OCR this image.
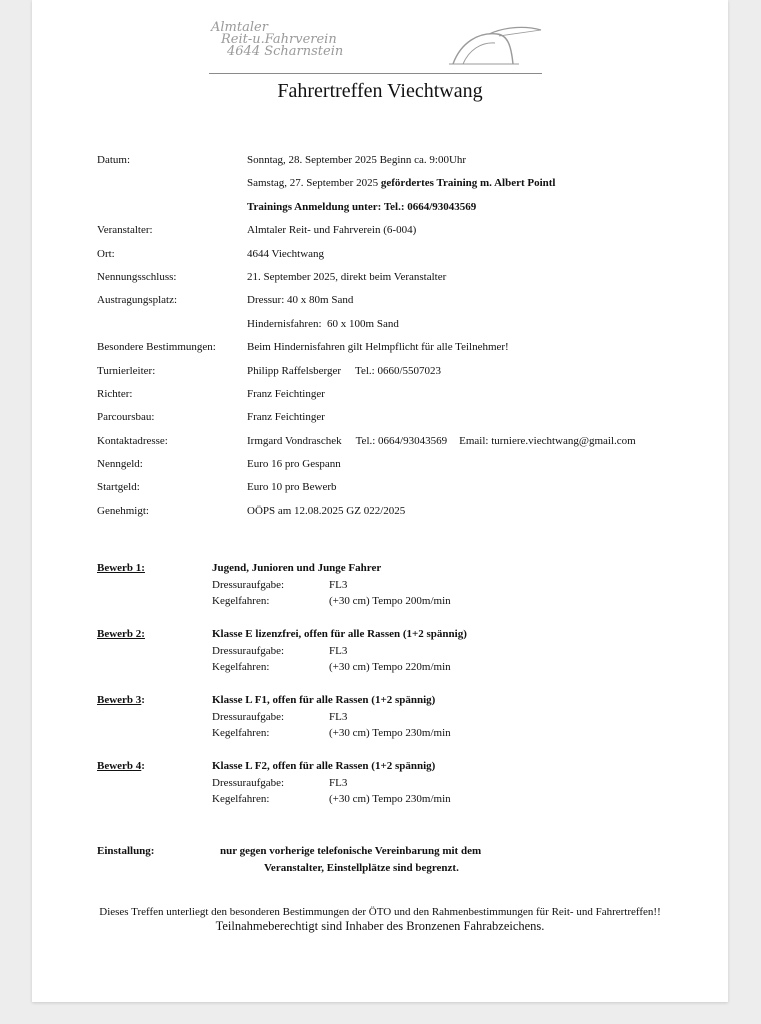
Almtaler
Reit-u.Fahrverein
4644 Scharnstein
Fahrertreffen Viechtwang
Datum:	Sonntag, 28. September 2025 Beginn ca. 9:00Uhr
Samstag, 27. September 2025 gefördertes Training m. Albert Pointl
Trainings Anmeldung unter: Tel.: 0664/93043569
Veranstalter:	Almtaler Reit- und Fahrverein (6-004)
Ort:	4644 Viechtwang
Nennungsschluss:	21. September 2025, direkt beim Veranstalter
Austragungsplatz:	Dressur: 40 x 80m Sand
Hindernisfahren:  60 x 100m Sand
Besondere Bestimmungen:	Beim Hindernisfahren gilt Helmpflicht für alle Teilnehmer!
Turnierleiter:	Philipp Raffelsberger Tel.: 0660/5507023
Richter:	Franz Feichtinger
Parcoursbau:	Franz Feichtinger
Kontaktadresse:	Irmgard Vondraschek Tel.: 0664/93043569 Email: turniere.viechtwang@gmail.com
Nenngeld:	Euro 16 pro Gespann
Startgeld:	Euro 10 pro Bewerb
Genehmigt:	OÖPS am 12.08.2025 GZ 022/2025
Bewerb 1:	Jugend, Junioren und Junge Fahrer
Dressuraufgabe:	FL3
Kegelfahren:	(+30 cm) Tempo 200m/min
Bewerb 2:	Klasse E lizenzfrei, offen für alle Rassen (1+2 spännig)
Dressuraufgabe:	FL3
Kegelfahren:	(+30 cm) Tempo 220m/min
Bewerb 3:	Klasse L F1, offen für alle Rassen (1+2 spännig)
Dressuraufgabe:	FL3
Kegelfahren:	(+30 cm) Tempo 230m/min
Bewerb 4:	Klasse L F2, offen für alle Rassen (1+2 spännig)
Dressuraufgabe:	FL3
Kegelfahren:	(+30 cm) Tempo 230m/min
Einstallung:	nur gegen vorherige telefonische Vereinbarung mit dem
Veranstalter, Einstellplätze sind begrenzt.
Dieses Treffen unterliegt den besonderen Bestimmungen der ÖTO und den Rahmenbestimmungen für Reit- und Fahrertreffen!!
Teilnahmeberechtigt sind Inhaber des Bronzenen Fahrabzeichens.
